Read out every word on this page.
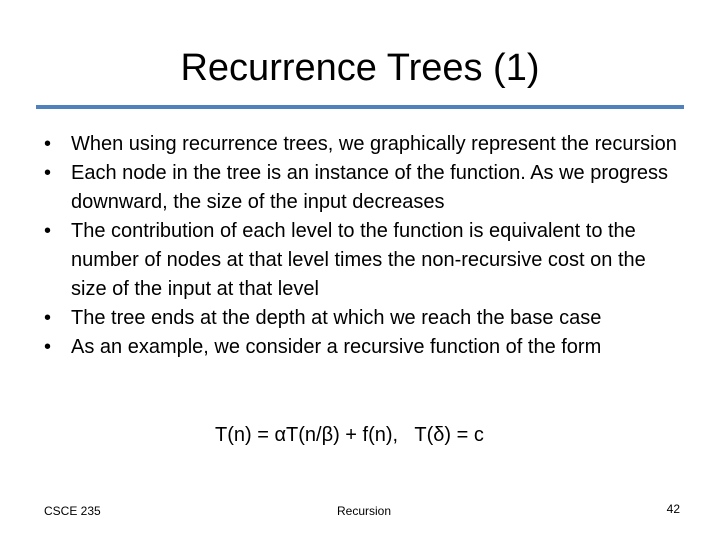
Recurrence Trees (1)
• When using recurrence trees, we graphically represent the recursion
• Each node in the tree is an instance of the function. As we progress downward, the size of the input decreases
• The contribution of each level to the function is equivalent to the number of nodes at that level times the non-recursive cost on the size of the input at that level
• The tree ends at the depth at which we reach the base case
• As an example, we consider a recursive function of the form
T(n) = αT(n/β) + f(n),   T(δ) = c
CSCE 235	Recursion	42
